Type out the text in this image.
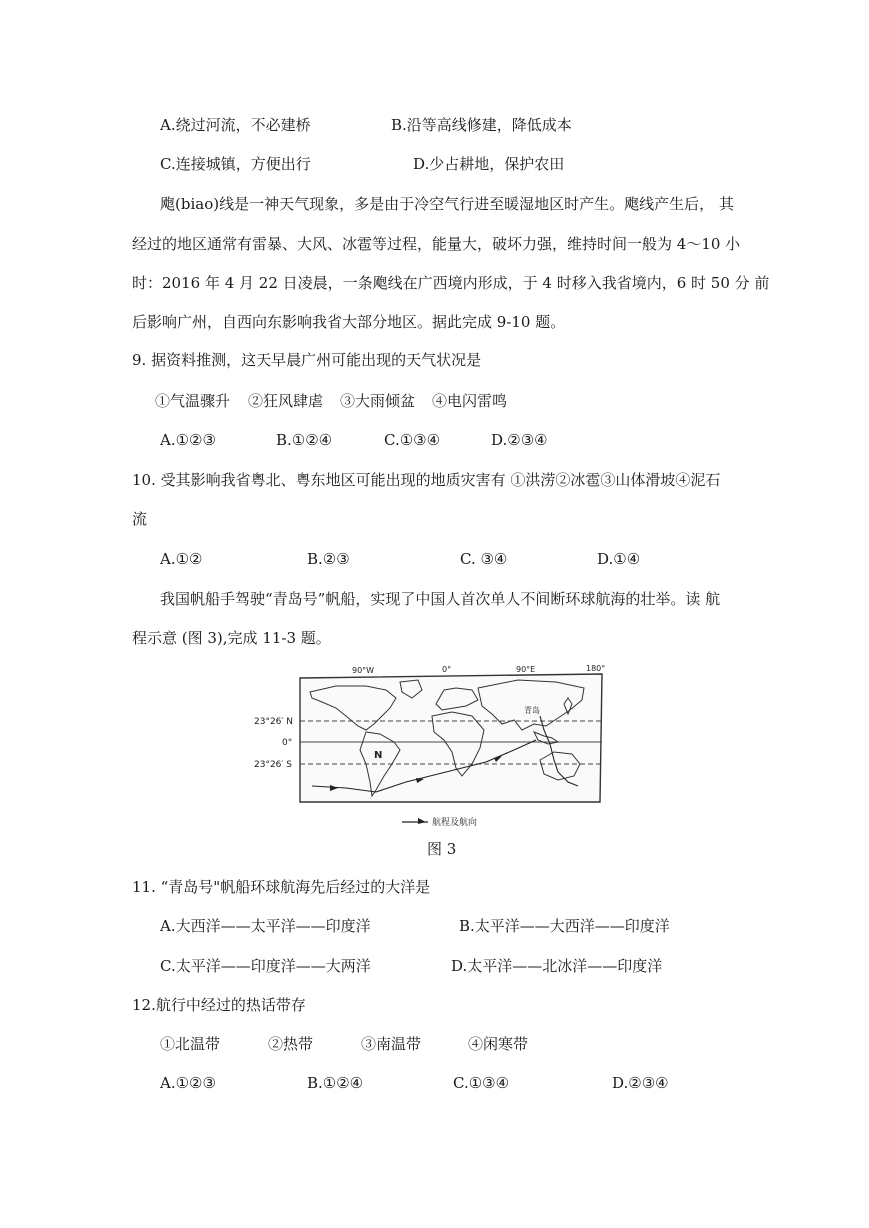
A.绕过河流，不必建桥	B.沿等高线修建，降低成本
C.连接城镇，方便出行	D.少占耕地，保护农田
飑(biao)线是一神天气现象，多是由于冷空气行进至暖湿地区时产生。飑线产生后， 其
经过的地区通常有雷暴、大风、冰雹等过程，能量大，破坏力强，维持时间一般为 4～10 小
时：2016 年 4 月 22 日凌晨，一条飑线在广西境内形成，于 4 时移入我省境内，6 时 50 分 前
后影响广州，自西向东影响我省大部分地区。据此完成 9-10 题。
9. 据资料推测，这天早晨广州可能出现的天气状况是
①气温骤升 ②狂风肆虐 ③大雨倾盆 ④电闪雷鸣
A.①②③	B.①②④	C.①③④	D.②③④
10. 受其影响我省粤北、粤东地区可能出现的地质灾害有 ①洪涝②冰雹③山体滑坡④泥石
流
A.①②	B.②③	C. ③④	D.①④
我国帆船手驾驶“青岛号”帆船，实现了中国人首次单人不间断环球航海的壮举。读 航
程示意 (图 3),完成 11-3 题。
90°W	0°	90°E	180°
N
青岛
航程及航向
图 3
11. “青岛号"帆船环球航海先后经过的大洋是
A.大西洋——太平洋——印度洋	B.太平洋——大西洋——印度洋
C.太平洋——印度洋——大两洋	D.太平洋——北冰洋——印度洋
12.航行中经过的热话带存
①北温带	②热带	③南温带	④闲寒带
A.①②③	B.①②④	C.①③④	D.②③④
23°26′ N
0°
23°26′ S
